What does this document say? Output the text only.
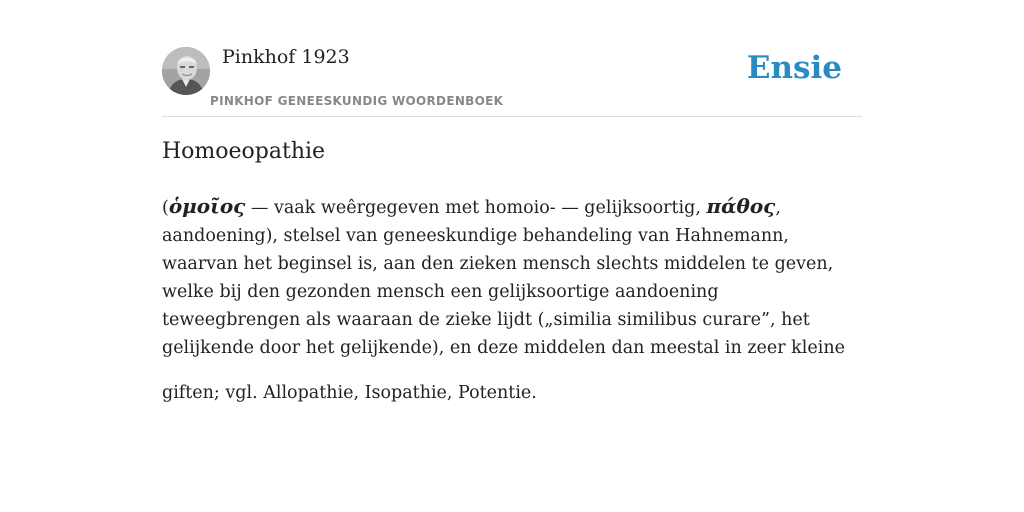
Pinkhof 1923
PINKHOF GENEESKUNDIG WOORDENBOEK
Ensie
Homoeopathie

(ὁμοῖος — vaak weêrgegeven met homoio- — gelijksoortig, πάθος, aandoening), stelsel van geneeskundige behandeling van Hahnemann, waarvan het beginsel is, aan den zieken mensch slechts middelen te geven, welke bij den gezonden mensch een gelijksoortige aandoening teweegbrengen als waaraan de zieke lijdt („similia similibus curare”, het gelijkende door het gelijkende), en deze middelen dan meestal in zeer kleine

giften; vgl. Allopathie, Isopathie, Potentie.
